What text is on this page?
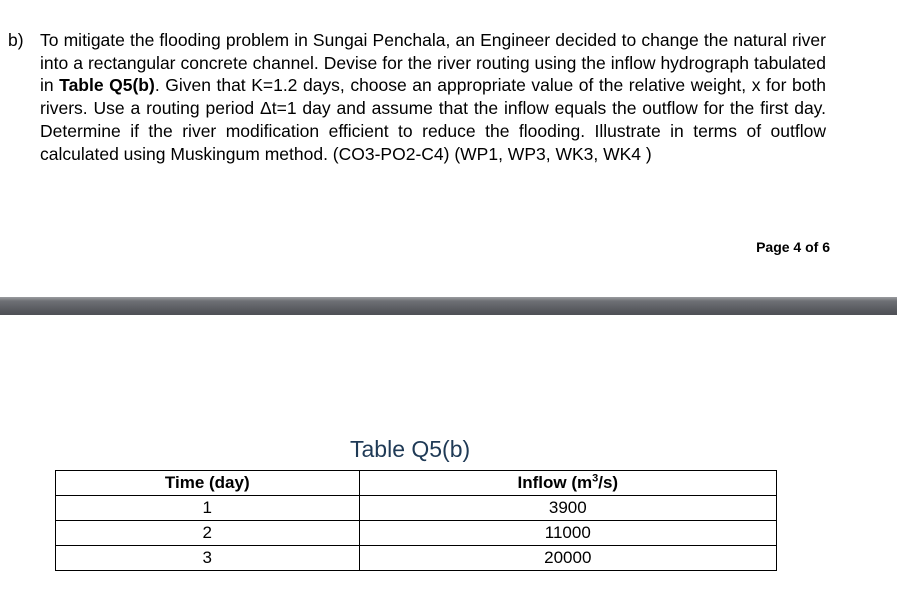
b) To mitigate the flooding problem in Sungai Penchala, an Engineer decided to change the natural river into a rectangular concrete channel. Devise for the river routing using the inflow hydrograph tabulated in Table Q5(b). Given that K=1.2 days, choose an appropriate value of the relative weight, x for both rivers. Use a routing period Δt=1 day and assume that the inflow equals the outflow for the first day. Determine if the river modification efficient to reduce the flooding. Illustrate in terms of outflow calculated using Muskingum method. (CO3-PO2-C4) (WP1, WP3, WK3, WK4 )
Page 4 of 6
Table Q5(b)
Time (day)	Inflow $(m^3/s)$
1	3900
2	11000
3	20000
